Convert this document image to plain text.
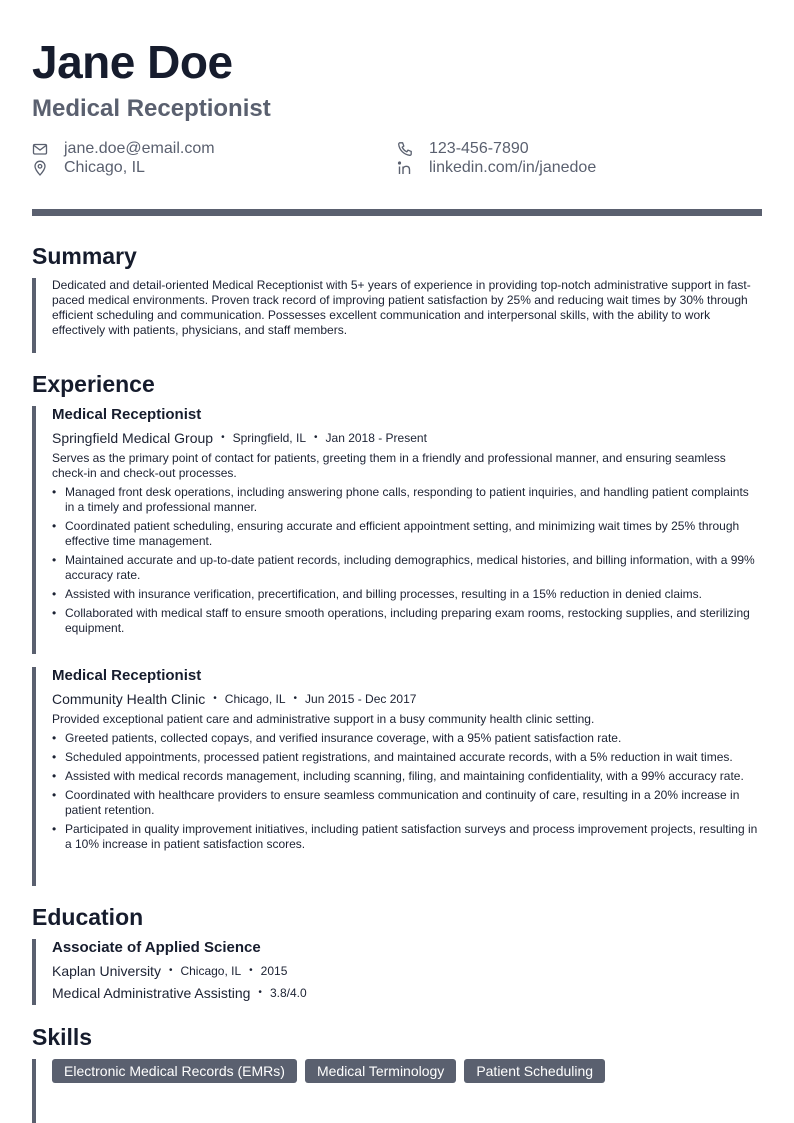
Jane Doe
Medical Receptionist
jane.doe@email.com
Chicago, IL
123-456-7890
linkedin.com/in/janedoe
Summary
Dedicated and detail-oriented Medical Receptionist with 5+ years of experience in providing top-notch administrative support in fast-paced medical environments. Proven track record of improving patient satisfaction by 25% and reducing wait times by 30% through efficient scheduling and communication. Possesses excellent communication and interpersonal skills, with the ability to work effectively with patients, physicians, and staff members.
Experience
Medical Receptionist
Springfield Medical Group • Springfield, IL • Jan 2018 - Present
Serves as the primary point of contact for patients, greeting them in a friendly and professional manner, and ensuring seamless check-in and check-out processes.
• Managed front desk operations, including answering phone calls, responding to patient inquiries, and handling patient complaints in a timely and professional manner.
• Coordinated patient scheduling, ensuring accurate and efficient appointment setting, and minimizing wait times by 25% through effective time management.
• Maintained accurate and up-to-date patient records, including demographics, medical histories, and billing information, with a 99% accuracy rate.
• Assisted with insurance verification, precertification, and billing processes, resulting in a 15% reduction in denied claims.
• Collaborated with medical staff to ensure smooth operations, including preparing exam rooms, restocking supplies, and sterilizing equipment.
Medical Receptionist
Community Health Clinic • Chicago, IL • Jun 2015 - Dec 2017
Provided exceptional patient care and administrative support in a busy community health clinic setting.
• Greeted patients, collected copays, and verified insurance coverage, with a 95% patient satisfaction rate.
• Scheduled appointments, processed patient registrations, and maintained accurate records, with a 5% reduction in wait times.
• Assisted with medical records management, including scanning, filing, and maintaining confidentiality, with a 99% accuracy rate.
• Coordinated with healthcare providers to ensure seamless communication and continuity of care, resulting in a 20% increase in patient retention.
• Participated in quality improvement initiatives, including patient satisfaction surveys and process improvement projects, resulting in a 10% increase in patient satisfaction scores.
Education
Associate of Applied Science
Kaplan University • Chicago, IL • 2015
Medical Administrative Assisting • 3.8/4.0
Skills
Electronic Medical Records (EMRs)	Medical Terminology	Patient Scheduling
